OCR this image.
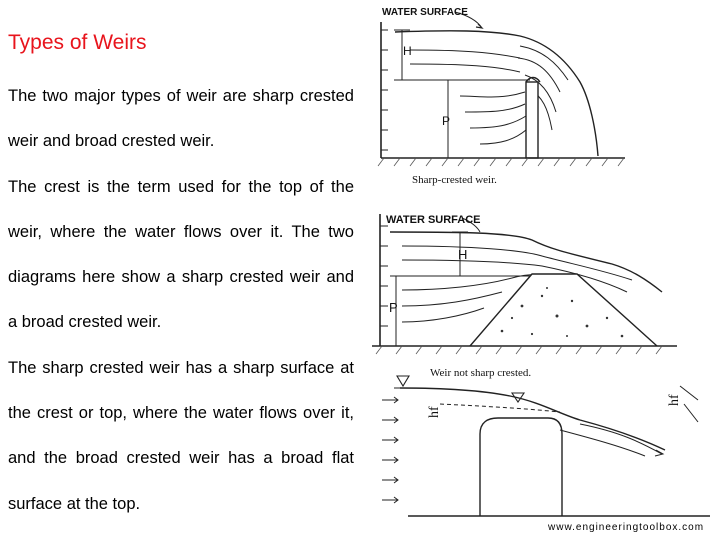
Types of Weirs

The two major types of weir are sharp crested weir and broad crested weir.

The crest is the term used for the top of the weir, where the water flows over it. The two diagrams here show a sharp crested weir and a broad crested weir.

The sharp crested weir has a sharp surface at the crest or top, where the water flows over it, and the broad crested weir has a broad flat surface at the top.

WATER SURFACE
H
P
Sharp-crested weir.
WATER SURFACE
H
P
Weir not sharp crested.
hf
hf
www.engineeringtoolbox.com
